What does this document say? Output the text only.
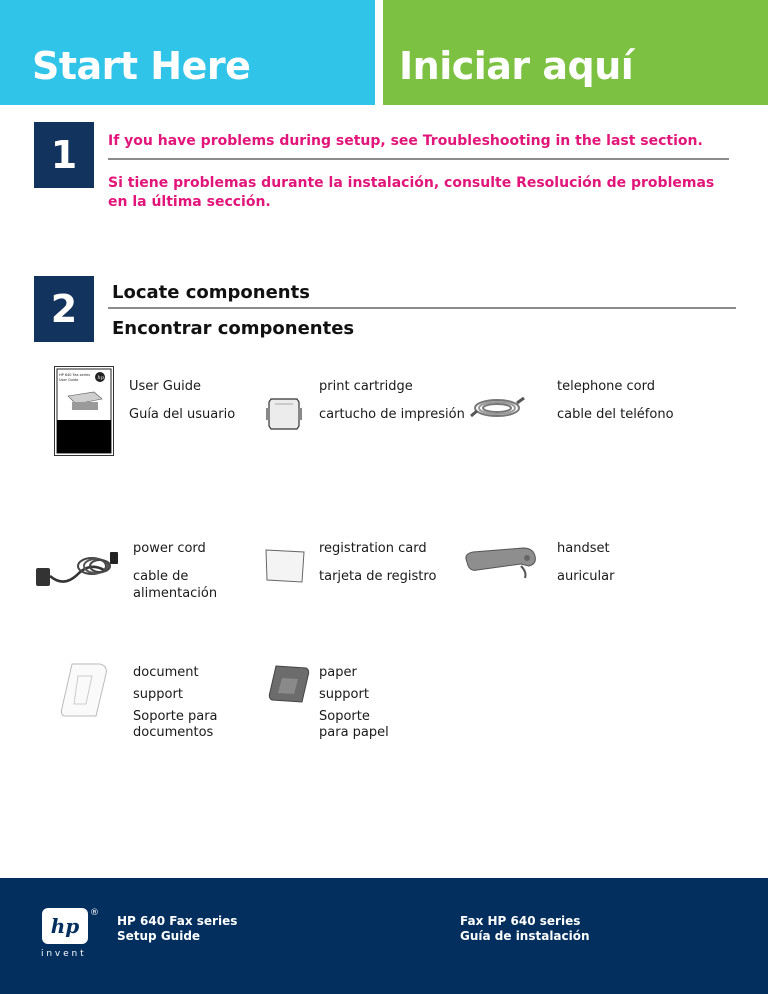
Start Here	Iniciar aquí
1	If you have problems during setup, see Troubleshooting in the last section.
Si tiene problemas durante la instalación, consulte Resolución de problemas
en la última sección.
2	Locate components
Encontrar componentes
HP 640 Fax series
User Guide	hp
User Guide
Guía del usuario
print cartridge
cartucho de impresión
telephone cord
cable del teléfono
power cord
cable de
alimentación
registration card
tarjeta de registro
handset
auricular
document
support
Soporte para
documentos
paper
support
Soporte
para papel
hp
®
i n v e n t
HP 640 Fax series
Setup Guide
Fax HP 640 series
Guía de instalación
